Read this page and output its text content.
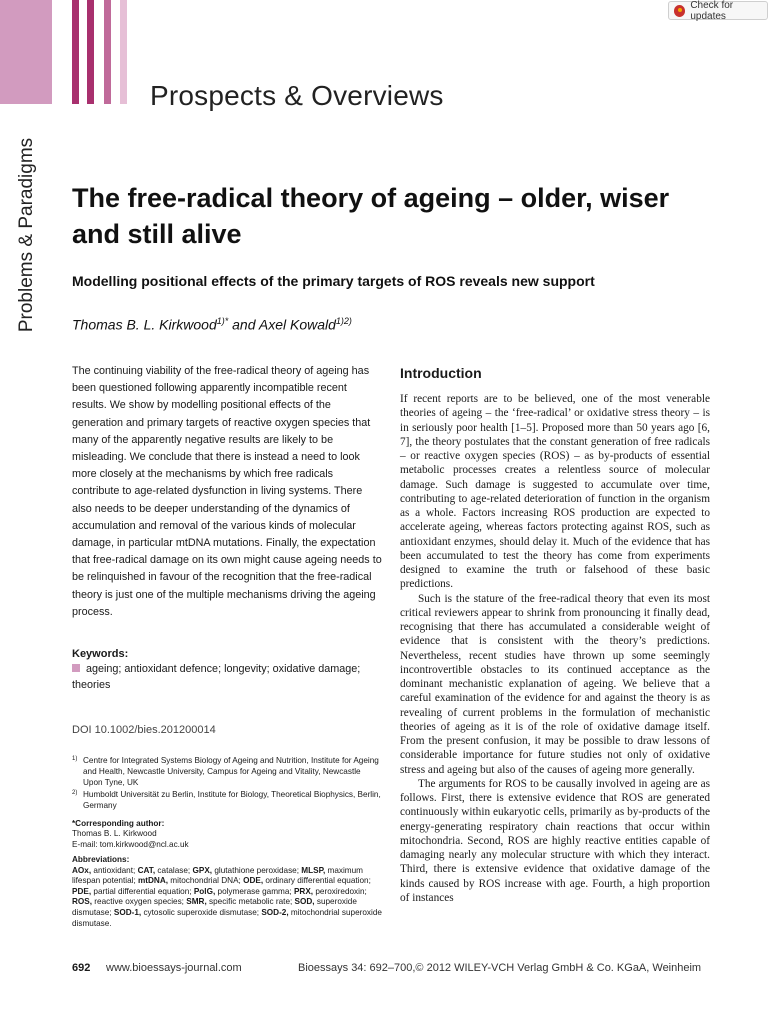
Check for updates
Prospects & Overviews
Problems & Paradigms The free-radical theory of ageing – older, wiser and still alive
Modelling positional effects of the primary targets of ROS reveals new support
Thomas B. L. Kirkwood$^{1)*}$ and Axel Kowald$^{1)2)}$
The continuing viability of the free-radical theory of ageing has been questioned following apparently incompatible recent results. We show by modelling positional effects of the generation and primary targets of reactive oxygen species that many of the apparently negative results are likely to be misleading. We conclude that there is instead a need to look more closely at the mechanisms by which free radicals contribute to age-related dysfunction in living systems. There also needs to be deeper understanding of the dynamics of accumulation and removal of the various kinds of molecular damage, in particular mtDNA mutations. Finally, the expectation that free-radical damage on its own might cause ageing needs to be relinquished in favour of the recognition that the free-radical theory is just one of the multiple mechanisms driving the ageing process.
Keywords:
ageing; antioxidant defence; longevity; oxidative damage; theories
DOI 10.1002/bies.201200014
1) Centre for Integrated Systems Biology of Ageing and Nutrition, Institute for Ageing and Health, Newcastle University, Campus for Ageing and Vitality, Newcastle Upon Tyne, UK
2) Humboldt Universität zu Berlin, Institute for Biology, Theoretical Biophysics, Berlin, Germany
*Corresponding author:
Thomas B. L. Kirkwood
E-mail: tom.kirkwood@ncl.ac.uk
Abbreviations:
AOx, antioxidant; CAT, catalase; GPX, glutathione peroxidase; MLSP, maximum lifespan potential; mtDNA, mitochondrial DNA; ODE, ordinary differential equation; PDE, partial differential equation; PolG, polymerase gamma; PRX, peroxiredoxin; ROS, reactive oxygen species; SMR, specific metabolic rate; SOD, superoxide dismutase; SOD-1, cytosolic superoxide dismutase; SOD-2, mitochondrial superoxide dismutase.
Introduction

If recent reports are to be believed, one of the most venerable theories of ageing – the ‘free-radical’ or oxidative stress theory – is in seriously poor health [1–5]. Proposed more than 50 years ago [6, 7], the theory postulates that the constant generation of free radicals – or reactive oxygen species (ROS) – as by-products of essential metabolic processes creates a relentless source of molecular damage. Such damage is suggested to accumulate over time, contributing to age-related deterioration of function in the organism as a whole. Factors increasing ROS production are expected to accelerate ageing, whereas factors protecting against ROS, such as antioxidant enzymes, should delay it. Much of the evidence that has been accumulated to test the theory has come from experiments designed to examine the truth or falsehood of these basic predictions.

Such is the stature of the free-radical theory that even its most critical reviewers appear to shrink from pronouncing it finally dead, recognising that there has accumulated a considerable weight of evidence that is consistent with the theory’s predictions. Nevertheless, recent studies have thrown up some seemingly incontrovertible obstacles to its continued acceptance as the dominant mechanistic explanation of ageing. We believe that a careful examination of the evidence for and against the theory is as revealing of current problems in the formulation of mechanistic theories of ageing as it is of the role of oxidative damage itself. From the present confusion, it may be possible to draw lessons of considerable importance for future studies not only of oxidative stress and ageing but also of the causes of ageing more generally.

The arguments for ROS to be causally involved in ageing are as follows. First, there is extensive evidence that ROS are generated continuously within eukaryotic cells, primarily as by-products of the energy-generating respiratory chain reactions that occur within mitochondria. Second, ROS are highly reactive entities capable of damaging nearly any molecular structure with which they interact. Third, there is extensive evidence that oxidative damage of the kinds caused by ROS increase with age. Fourth, a high proportion of instances

692 www.bioessays-journal.com	Bioessays 34: 692–700,© 2012 WILEY-VCH Verlag GmbH & Co. KGaA, Weinheim
